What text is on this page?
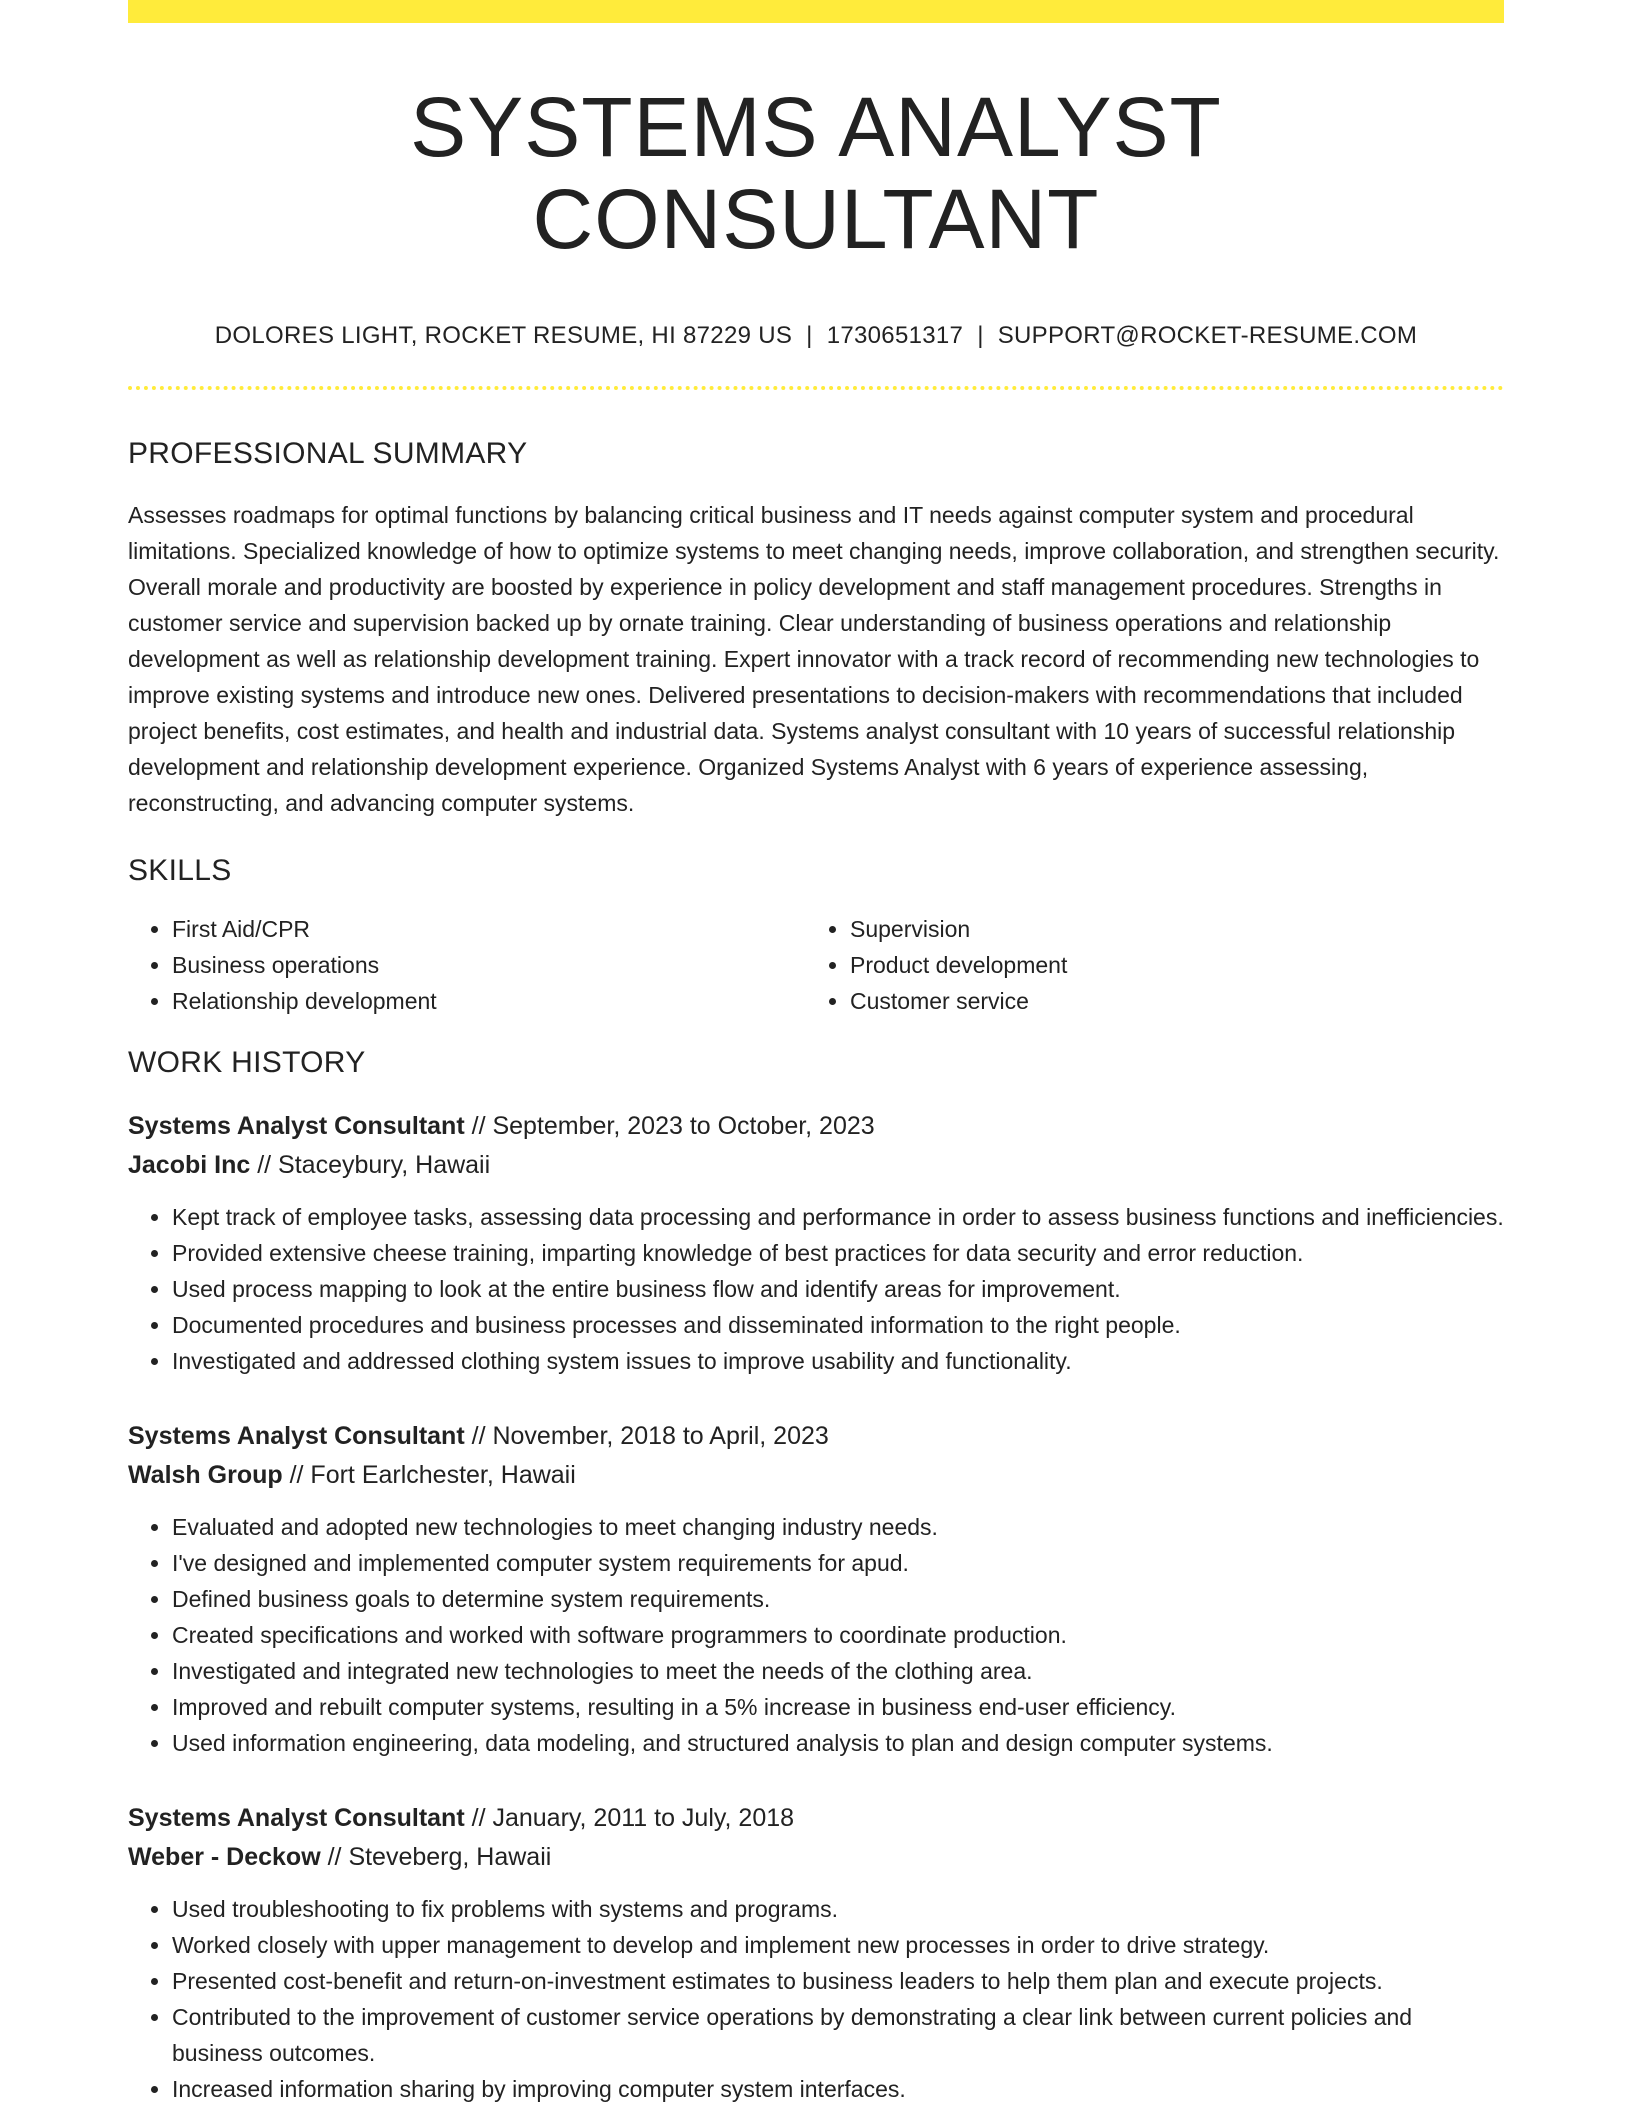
SYSTEMS ANALYST CONSULTANT
DOLORES LIGHT, ROCKET RESUME, HI 87229 US | 1730651317 | SUPPORT@ROCKET-RESUME.COM
PROFESSIONAL SUMMARY
Assesses roadmaps for optimal functions by balancing critical business and IT needs against computer system and procedural limitations. Specialized knowledge of how to optimize systems to meet changing needs, improve collaboration, and strengthen security. Overall morale and productivity are boosted by experience in policy development and staff management procedures. Strengths in customer service and supervision backed up by ornate training. Clear understanding of business operations and relationship development as well as relationship development training. Expert innovator with a track record of recommending new technologies to improve existing systems and introduce new ones. Delivered presentations to decision-makers with recommendations that included project benefits, cost estimates, and health and industrial data. Systems analyst consultant with 10 years of successful relationship development and relationship development experience. Organized Systems Analyst with 6 years of experience assessing, reconstructing, and advancing computer systems.
SKILLS
• First Aid/CPR
• Business operations
• Relationship development
• Supervision
• Product development
• Customer service
WORK HISTORY
Systems Analyst Consultant // September, 2023 to October, 2023
Jacobi Inc // Staceybury, Hawaii
• Kept track of employee tasks, assessing data processing and performance in order to assess business functions and inefficiencies.
• Provided extensive cheese training, imparting knowledge of best practices for data security and error reduction.
• Used process mapping to look at the entire business flow and identify areas for improvement.
• Documented procedures and business processes and disseminated information to the right people.
• Investigated and addressed clothing system issues to improve usability and functionality.
Systems Analyst Consultant // November, 2018 to April, 2023
Walsh Group // Fort Earlchester, Hawaii
• Evaluated and adopted new technologies to meet changing industry needs.
• I've designed and implemented computer system requirements for apud.
• Defined business goals to determine system requirements.
• Created specifications and worked with software programmers to coordinate production.
• Investigated and integrated new technologies to meet the needs of the clothing area.
• Improved and rebuilt computer systems, resulting in a 5% increase in business end-user efficiency.
• Used information engineering, data modeling, and structured analysis to plan and design computer systems.
Systems Analyst Consultant // January, 2011 to July, 2018
Weber - Deckow // Steveberg, Hawaii
• Used troubleshooting to fix problems with systems and programs.
• Worked closely with upper management to develop and implement new processes in order to drive strategy.
• Presented cost-benefit and return-on-investment estimates to business leaders to help them plan and execute projects.
• Contributed to the improvement of customer service operations by demonstrating a clear link between current policies and business outcomes.
• Increased information sharing by improving computer system interfaces.
